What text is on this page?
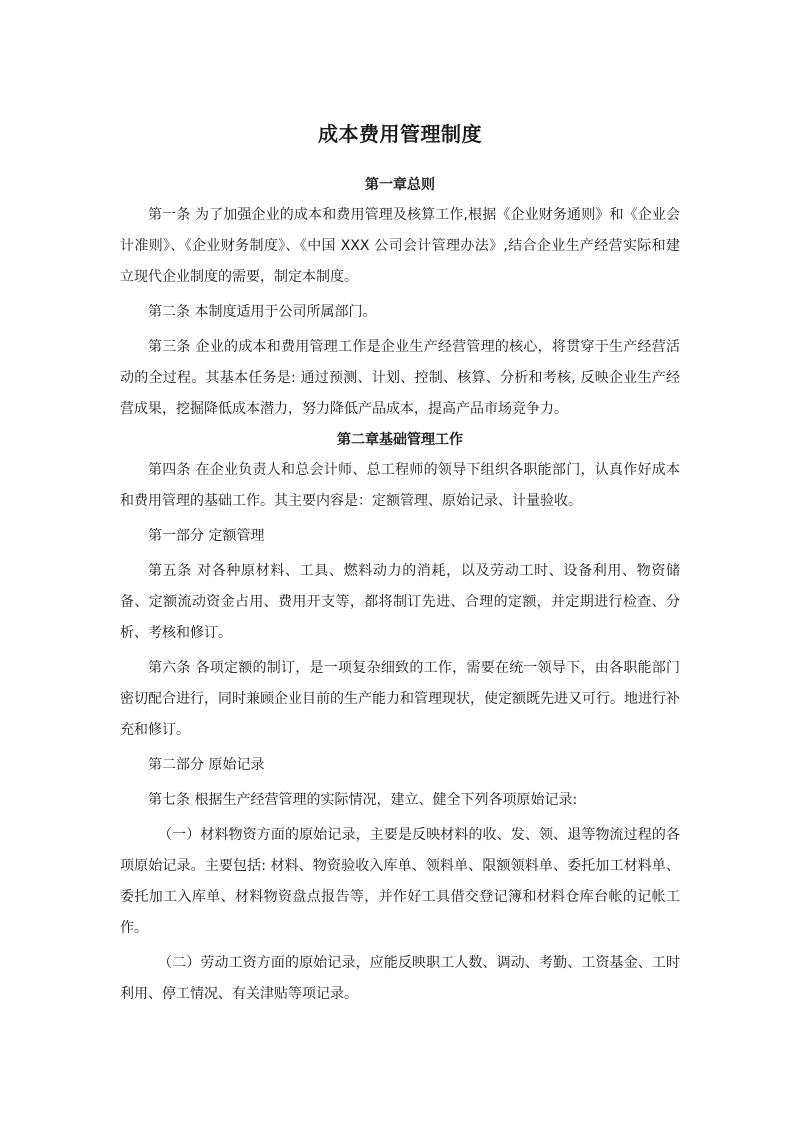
成本费用管理制度
第一章总则

第一条 为了加强企业的成本和费用管理及核算工作,根据《企业财务通则》和《企业会计准则》、《企业财务制度》、《中国 XXX 公司会计管理办法》,结合企业生产经营实际和建立现代企业制度的需要，制定本制度。

第二条 本制度适用于公司所属部门。

第三条 企业的成本和费用管理工作是企业生产经营管理的核心，将贯穿于生产经营活动的全过程。其基本任务是: 通过预测、计划、控制、核算、分析和考核, 反映企业生产经营成果，挖掘降低成本潜力，努力降低产品成本，提高产品市场竞争力。

第二章基础管理工作

第四条 在企业负责人和总会计师、总工程师的领导下组织各职能部门，认真作好成本和费用管理的基础工作。其主要内容是：定额管理、原始记录、计量验收。

第一部分 定额管理

第五条 对各种原材料、工具、燃料动力的消耗，以及劳动工时、设备利用、物资储备、定额流动资金占用、费用开支等，都将制订先进、合理的定额，并定期进行检查、分析、考核和修订。

第六条 各项定额的制订，是一项复杂细致的工作，需要在统一领导下，由各职能部门密切配合进行，同时兼顾企业目前的生产能力和管理现状，使定额既先进又可行。地进行补充和修订。

第二部分 原始记录

第七条 根据生产经营管理的实际情况，建立、健全下列各项原始记录:

（一）材料物资方面的原始记录，主要是反映材料的收、发、领、退等物流过程的各项原始记录。主要包括: 材料、物资验收入库单、领料单、限额领料单、委托加工材料单、委托加工入库单、材料物资盘点报告等，并作好工具借交登记簿和材料仓库台帐的记帐工作。

（二）劳动工资方面的原始记录，应能反映职工人数、调动、考勤、工资基金、工时利用、停工情况、有关津贴等项记录。
